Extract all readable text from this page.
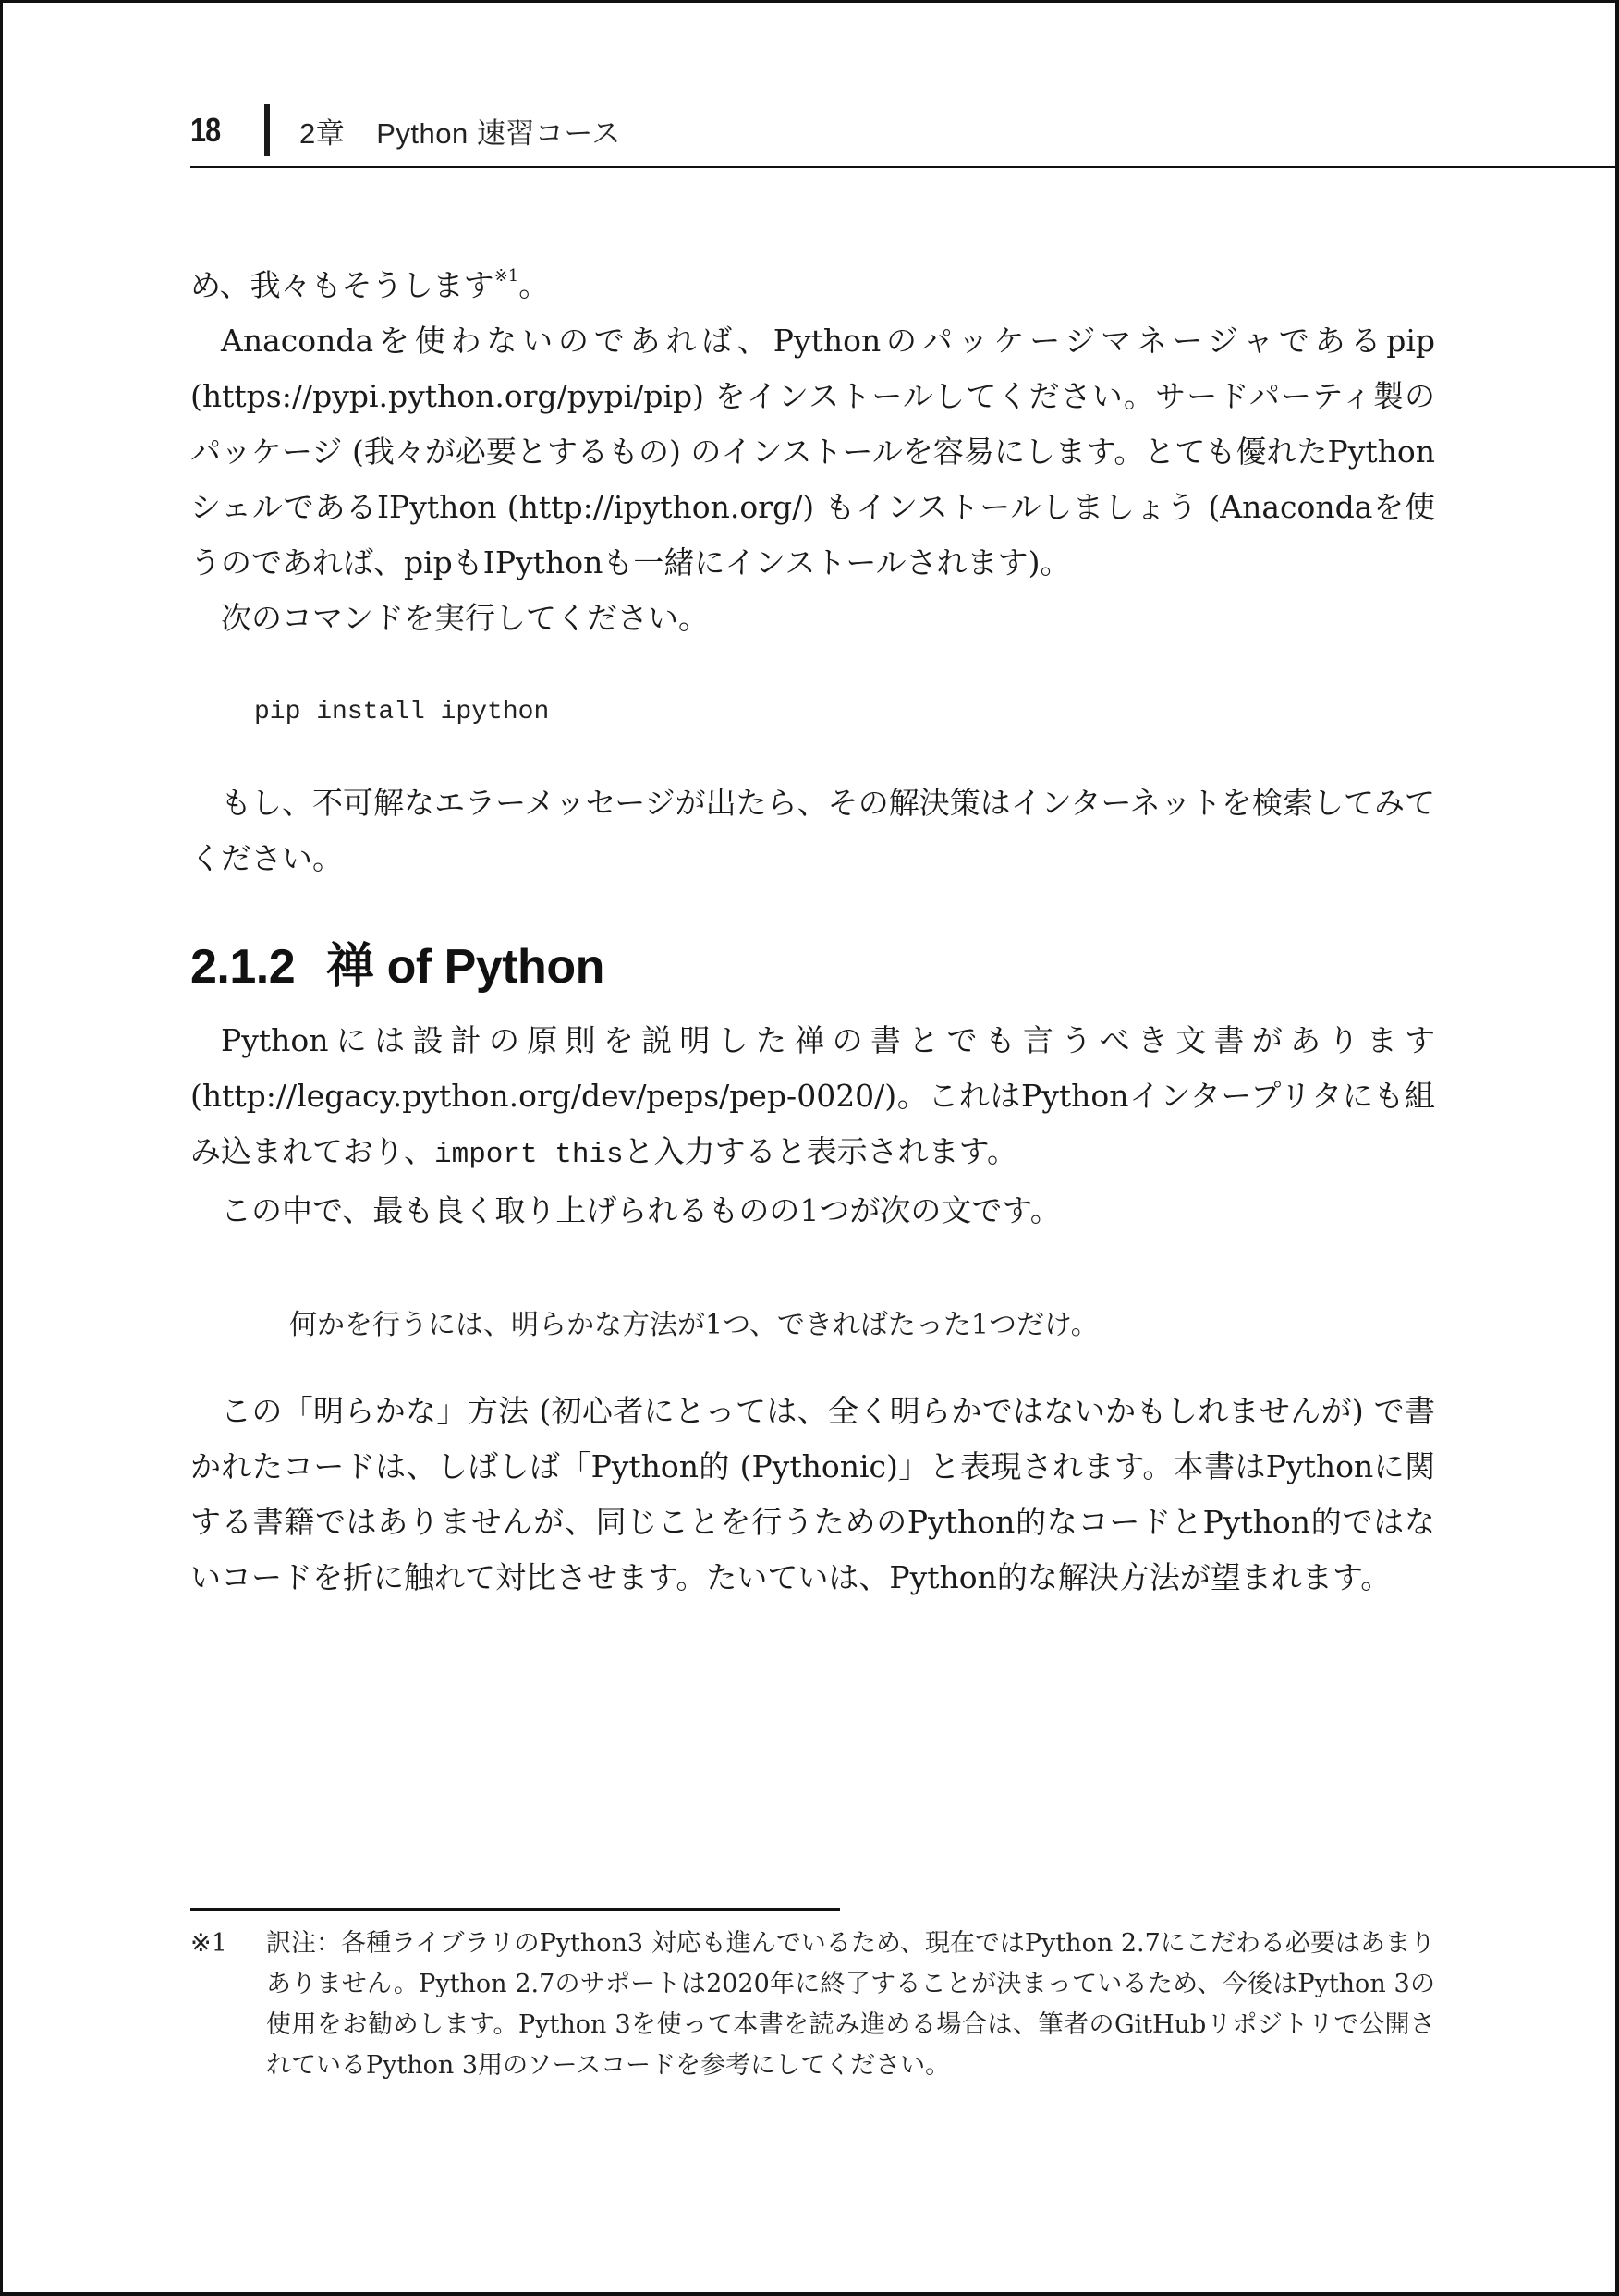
18	2章 Python 速習コース

め、我々もそうします$^{※1}$。

Anacondaを使わないのであれば、Pythonのパッケージマネージャであるpip (https://pypi.python.org/pypi/pip) をインストールしてください。サードパーティ製のパッケージ (我々が必要とするもの) のインストールを容易にします。とても優れたPythonシェルであるIPython (http://ipython.org/) もインストールしましょう (Anacondaを使うのであれば、pipもIPythonも一緒にインストールされます)。

次のコマンドを実行してください。

pip install ipython

もし、不可解なエラーメッセージが出たら、その解決策はインターネットを検索してみてください。

2.1.2 禅 of Python

Pythonには設計の原則を説明した禅の書とでも言うべき文書があります (http://legacy.python.org/dev/peps/pep-0020/)。これはPythonインタープリタにも組み込まれており、import thisと入力すると表示されます。

この中で、最も良く取り上げられるものの1つが次の文です。

何かを行うには、明らかな方法が1つ、できればたった1つだけ。

この「明らかな」方法 (初心者にとっては、全く明らかではないかもしれませんが) で書かれたコードは、しばしば「Python的 (Pythonic)」と表現されます。本書はPythonに関する書籍ではありませんが、同じことを行うためのPython的なコードとPython的ではないコードを折に触れて対比させます。たいていは、Python的な解決方法が望まれます。

※1	訳注：各種ライブラリのPython3 対応も進んでいるため、現在ではPython 2.7にこだわる必要はあまりありません。Python 2.7のサポートは2020年に終了することが決まっているため、今後はPython 3の使用をお勧めします。Python 3を使って本書を読み進める場合は、筆者のGitHubリポジトリで公開されているPython 3用のソースコードを参考にしてください。
